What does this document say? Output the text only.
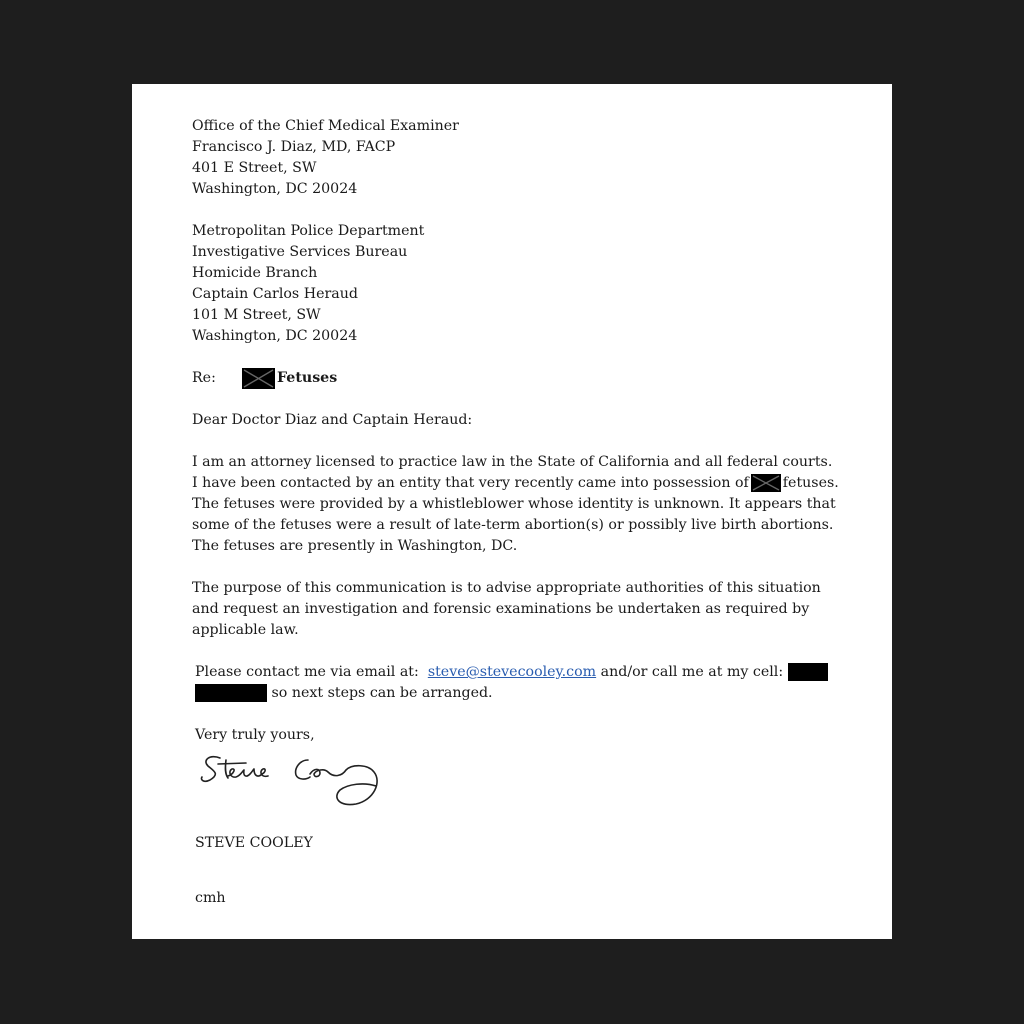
Office of the Chief Medical Examiner
Francisco J. Diaz, MD, FACP
401 E Street, SW
Washington, DC 20024
Metropolitan Police Department
Investigative Services Bureau
Homicide Branch
Captain Carlos Heraud
101 M Street, SW
Washington, DC 20024
Re:	Fetuses
Dear Doctor Diaz and Captain Heraud:
I am an attorney licensed to practice law in the State of California and all federal courts. I have been contacted by an entity that very recently came into possession of fetuses. The fetuses were provided by a whistleblower whose identity is unknown. It appears that some of the fetuses were a result of late-term abortion(s) or possibly live birth abortions. The fetuses are presently in Washington, DC.
The purpose of this communication is to advise appropriate authorities of this situation and request an investigation and forensic examinations be undertaken as required by applicable law.
Please contact me via email at: steve@stevecooley.com and/or call me at my cell:
so next steps can be arranged.
Very truly yours,
STEVE COOLEY
cmh
